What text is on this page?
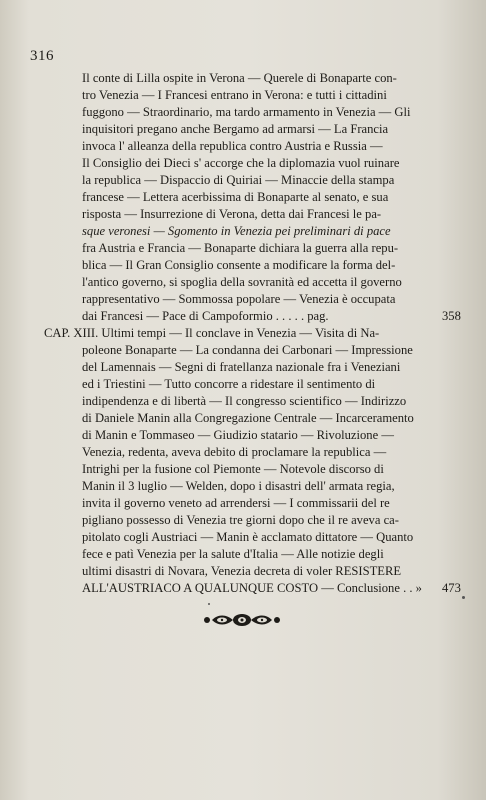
316
Il conte di Lilla ospite in Verona — Querele di Bonaparte con-
tro Venezia — I Francesi entrano in Verona: e tutti i cittadini
fuggono — Straordinario, ma tardo armamento in Venezia — Gli
inquisitori pregano anche Bergamo ad armarsi — La Francia
invoca l' alleanza della republica contro Austria e Russia —
Il Consiglio dei Dieci s' accorge che la diplomazia vuol ruinare
la republica — Dispaccio di Quiriai — Minaccie della stampa
francese — Lettera acerbissima di Bonaparte al senato, e sua
risposta — Insurrezione di Verona, detta dai Francesi le pa-
sque veronesi — Sgomento in Venezia pei preliminari di pace
fra Austria e Francia — Bonaparte dichiara la guerra alla repu-
blica — Il Gran Consiglio consente a modificare la forma del-
l'antico governo, si spoglia della sovranità ed accetta il governo
rappresentativo — Sommossa popolare — Venezia è occupata
dai Francesi — Pace di Campoformio . . . . . pag.	358
CAP. XIII. Ultimi tempi — Il conclave in Venezia — Visita di Na-
poleone Bonaparte — La condanna dei Carbonari — Impressione
del Lamennais — Segni di fratellanza nazionale fra i Veneziani
ed i Triestini — Tutto concorre a ridestare il sentimento di
indipendenza e di libertà — Il congresso scientifico — Indirizzo
di Daniele Manin alla Congregazione Centrale — Incarceramento
di Manin e Tommaseo — Giudizio statario — Rivoluzione —
Venezia, redenta, aveva debito di proclamare la republica —
Intrighi per la fusione col Piemonte — Notevole discorso di
Manin il 3 luglio — Welden, dopo i disastri dell' armata regia,
invita il governo veneto ad arrendersi — I commissarii del re
pigliano possesso di Venezia tre giorni dopo che il re aveva ca-
pitolato cogli Austriaci — Manin è acclamato dittatore — Quanto
fece e patì Venezia per la salute d'Italia — Alle notizie degli
ultimi disastri di Novara, Venezia decreta di voler RESISTERE
ALL'AUSTRIACO A QUALUNQUE COSTO — Conclusione . . » 473
